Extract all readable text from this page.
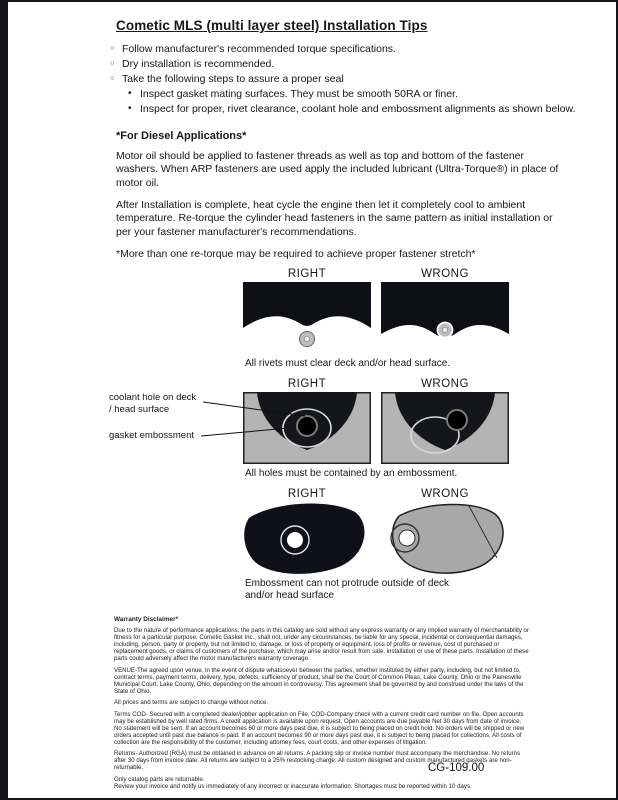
Cometic MLS (multi layer steel) Installation Tips
○ Follow manufacturer's recommended torque specifications.
○ Dry installation is recommended.
○ Take the following steps to assure a proper seal
• Inspect gasket mating surfaces. They must be smooth 50RA or finer.
• Inspect for proper, rivet clearance, coolant hole and embossment alignments as shown below.
*For Diesel Applications*

Motor oil should be applied to fastener threads as well as top and bottom of the fastener washers. When ARP fasteners are used apply the included lubricant (Ultra-Torque®) in place of motor oil.

After Installation is complete, heat cycle the engine then let it completely cool to ambient temperature. Re-torque the cylinder head fasteners in the same pattern as initial installation or per your fastener manufacturer's recommendations.

*More than one re-torque may be required to achieve proper fastener stretch*

RIGHT	WRONG
All rivets must clear deck and/or head surface.
coolant hole on deck / head surface
gasket embossment
RIGHT	WRONG
All holes must be contained by an embossment.
RIGHT	WRONG
Embossment can not protrude outside of deck and/or head surface

Warranty Disclaimer*

Due to the nature of performance applications, the parts in this catalog are sold without any express warranty or any implied warranty of merchantability or fitness for a particular purpose. Cometic Gasket Inc., shall not, under any circumstances, be liable for any special, incidental or consequential damages, including, person, party or property, but not limited to, damage, or loss of property or equipment, loss of profits or revenue, cost of purchased or replacement goods, or claims of customers of the purchase, which may arise and/or result from sale, installation or use of these parts. Installation of these parts could adversely affect the motor manufacturers warranty coverage.

VENUE-The agreed upon venue, in the event of dispute whatsoever between the parties, whether instituted by either party, including, but not limited to, contract terms, payment terms, delivery, type, defects, sufficiency of product, shall be the Court of Common Pleas, Lake County, Ohio or the Painesville Municipal Court, Lake County, Ohio, depending on the amount in controversy. This agreement shall be governed by and construed under the laws of the State of Ohio.

All prices and terms are subject to change without notice.

Terms COD- Secured with a completed dealer/jobber application on File, COD-Company check with a current credit card number on file. Open accounts may be established by well rated firms. A credit application is available upon request. Open accounts are due payable Net 30 days from date of invoice. No statement will be sent. If an account becomes 60 or more days past due, it is subject to being placed on credit hold. No orders will be shipped or new orders accepted until past due balance is paid. If an account becomes 90 or more days past due, it is subject to being placed for collections. All costs of collection are the responsibility of the customer, including attorney fees, court costs, and other expenses of litigation.

Returns- Authorized (RGA) must be obtained in advance on all returns. A packing slip or invoice number must accompany the merchandise. No returns after 30 days from invoice date. All returns are subject to a 25% restocking charge. All custom designed and custom manufactured gaskets are non-returnable.

Only catalog parts are returnable.

Review your invoice and notify us immediately of any incorrect or inaccurate information. Shortages must be reported within 10 days.

CG-109.00
